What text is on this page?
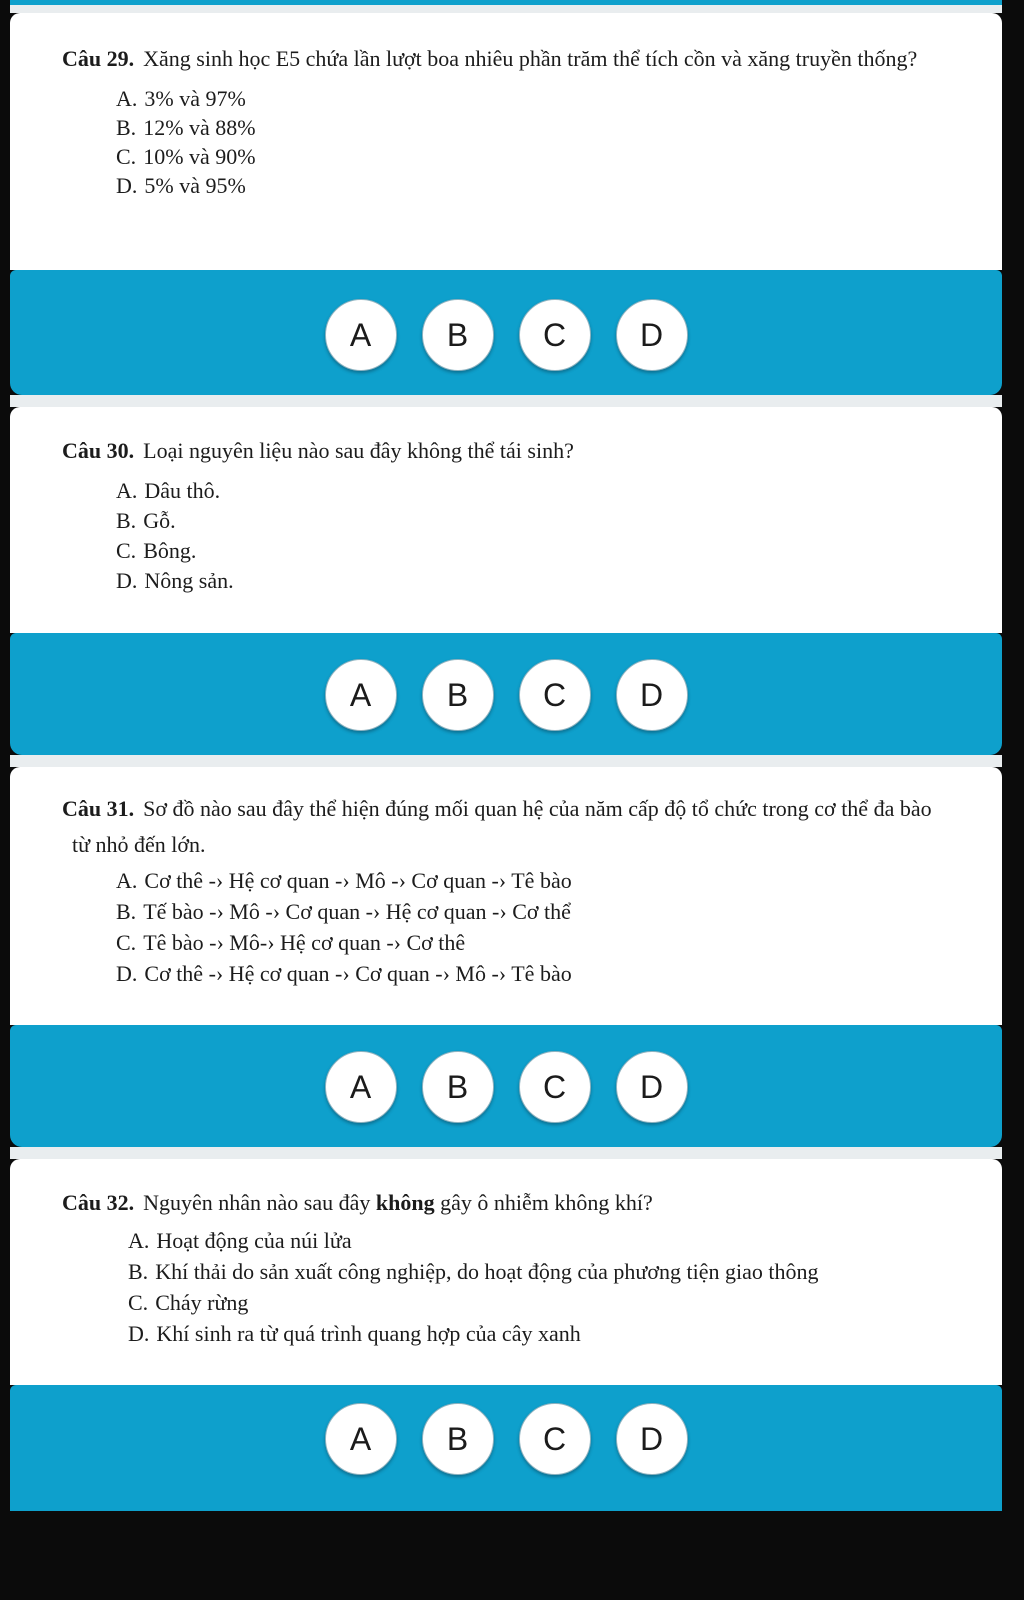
Câu 29. Xăng sinh học E5 chứa lần lượt boa nhiêu phần trăm thể tích cồn và xăng truyền thống?

A. 3% và 97%
B. 12% và 88%
C. 10% và 90%
D. 5% và 95%
A	B	C	D

Câu 30. Loại nguyên liệu nào sau đây không thể tái sinh?

A. Dâu thô.
B. Gỗ.
C. Bông.
D. Nông sản.
A	B	C	D

Câu 31. Sơ đồ nào sau đây thể hiện đúng mối quan hệ của năm cấp độ tổ chức trong cơ thể đa bào từ nhỏ đến lớn.

A. Cơ thê -› Hệ cơ quan -› Mô -› Cơ quan -› Tê bào
B. Tế bào -› Mô -› Cơ quan -› Hệ cơ quan -› Cơ thể
C. Tê bào -› Mô-› Hệ cơ quan -› Cơ thê
D. Cơ thê -› Hệ cơ quan -› Cơ quan -› Mô -› Tê bào
A	B	C	D

Câu 32. Nguyên nhân nào sau đây không gây ô nhiễm không khí?

A. Hoạt động của núi lửa
B. Khí thải do sản xuất công nghiệp, do hoạt động của phương tiện giao thông
C. Cháy rừng
D. Khí sinh ra từ quá trình quang hợp của cây xanh
A	B	C	D
